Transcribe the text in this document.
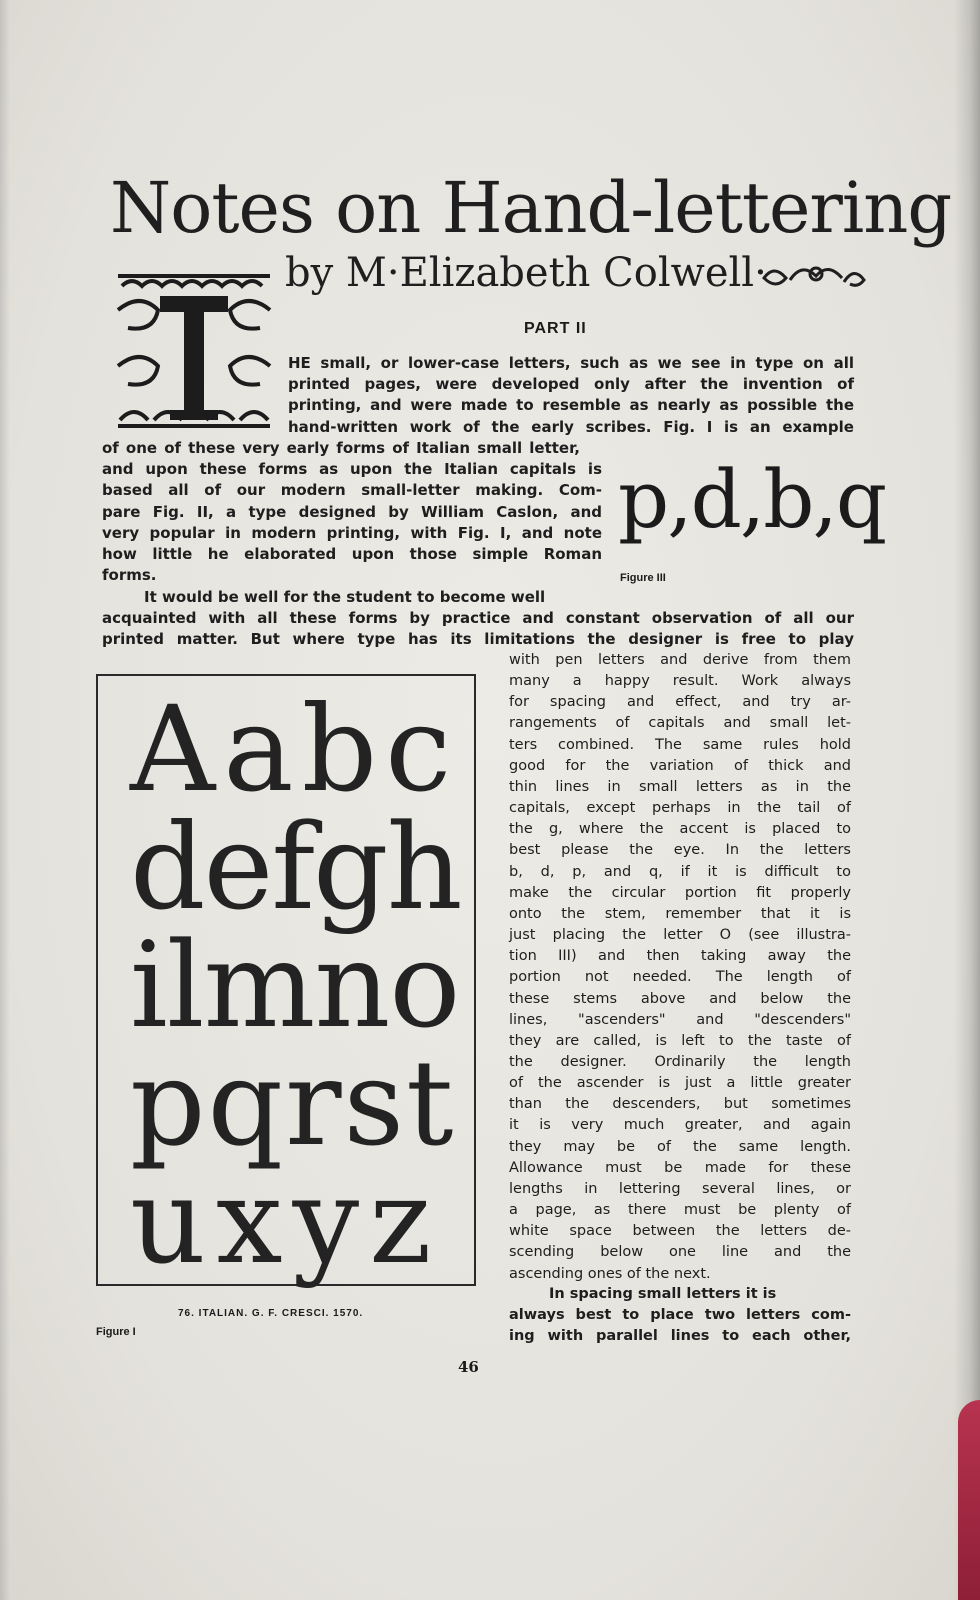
Notes on Hand-lettering
by M·Elizabeth Colwell·
T
PART II
HE small, or lower-case letters, such as we see in type on all
printed pages, were developed only after the invention of
printing, and were made to resemble as nearly as possible the
hand-written work of the early scribes. Fig. I is an example
of one of these very early forms of Italian small letter,
and upon these forms as upon the Italian capitals is
based all of our modern small-letter making. Com-
pare Fig. II, a type designed by William Caslon, and
very popular in modern printing, with Fig. I, and note
how little he elaborated upon those simple Roman
forms.
p,d,b,q
Figure III
It would be well for the student to become well
acquainted with all these forms by practice and constant observation of all our
printed matter. But where type has its limitations the designer is free to play
with pen letters and derive from them
many a happy result. Work always
for spacing and effect, and try ar-
rangements of capitals and small let-
ters combined. The same rules hold
good for the variation of thick and
thin lines in small letters as in the
capitals, except perhaps in the tail of
the g, where the accent is placed to
best please the eye. In the letters
b, d, p, and q, if it is difficult to
make the circular portion fit properly
onto the stem, remember that it is
just placing the letter O (see illustra-
tion III) and then taking away the
portion not needed. The length of
these stems above and below the
lines, "ascenders" and "descenders"
they are called, is left to the taste of
the designer. Ordinarily the length
of the ascender is just a little greater
than the descenders, but sometimes
it is very much greater, and again
they may be of the same length.
Allowance must be made for these
lengths in lettering several lines, or
a page, as there must be plenty of
white space between the letters de-
scending below one line and the
ascending ones of the next.
In spacing small letters it is
always best to place two letters com-
ing with parallel lines to each other,
Aabc
defgh
ilmno
pqrst
uxyz
76. ITALIAN. G. F. CRESCI. 1570.
Figure I
46
